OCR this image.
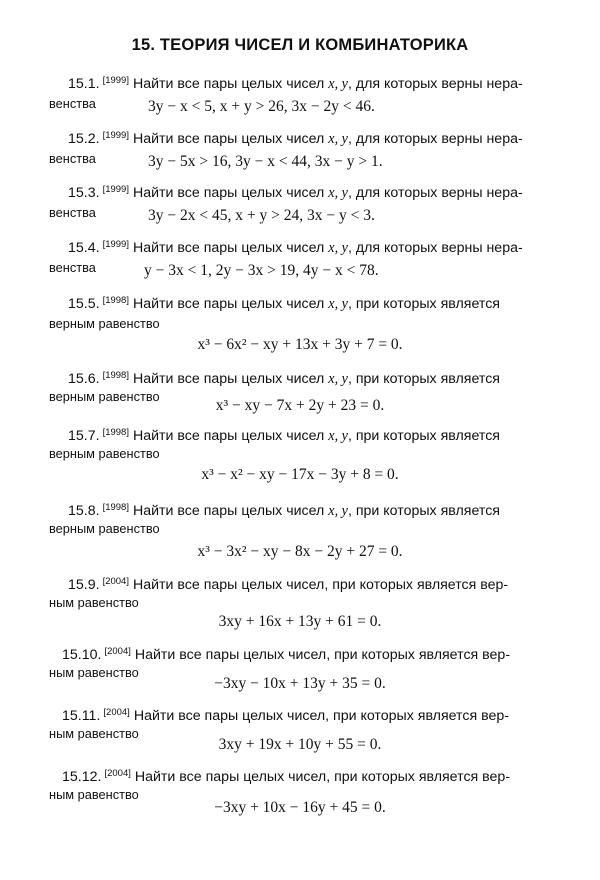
15. ТЕОРИЯ ЧИСЕЛ И КОМБИНАТОРИКА
15.1. [1999] Найти все пары целых чисел x, y, для которых верны нера-
венства	3y − x < 5, x + y > 26, 3x − 2y < 46.
15.2. [1999] Найти все пары целых чисел x, y, для которых верны нера-
венства	3y − 5x > 16, 3y − x < 44, 3x − y > 1.
15.3. [1999] Найти все пары целых чисел x, y, для которых верны нера-
венства	3y − 2x < 45, x + y > 24, 3x − y < 3.
15.4. [1999] Найти все пары целых чисел x, y, для которых верны нера-
венства	y − 3x < 1, 2y − 3x > 19, 4y − x < 78.
15.5. [1998] Найти все пары целых чисел x, y, при которых является
верным равенство
x³ − 6x² − xy + 13x + 3y + 7 = 0.
15.6. [1998] Найти все пары целых чисел x, y, при которых является
верным равенство
x³ − xy − 7x + 2y + 23 = 0.
15.7. [1998] Найти все пары целых чисел x, y, при которых является
верным равенство
x³ − x² − xy − 17x − 3y + 8 = 0.
15.8. [1998] Найти все пары целых чисел x, y, при которых является
верным равенство
x³ − 3x² − xy − 8x − 2y + 27 = 0.
15.9. [2004] Найти все пары целых чисел, при которых является вер-
ным равенство
3xy + 16x + 13y + 61 = 0.
15.10. [2004] Найти все пары целых чисел, при которых является вер-
ным равенство
−3xy − 10x + 13y + 35 = 0.
15.11. [2004] Найти все пары целых чисел, при которых является вер-
ным равенство
3xy + 19x + 10y + 55 = 0.
15.12. [2004] Найти все пары целых чисел, при которых является вер-
ным равенство
−3xy + 10x − 16y + 45 = 0.
